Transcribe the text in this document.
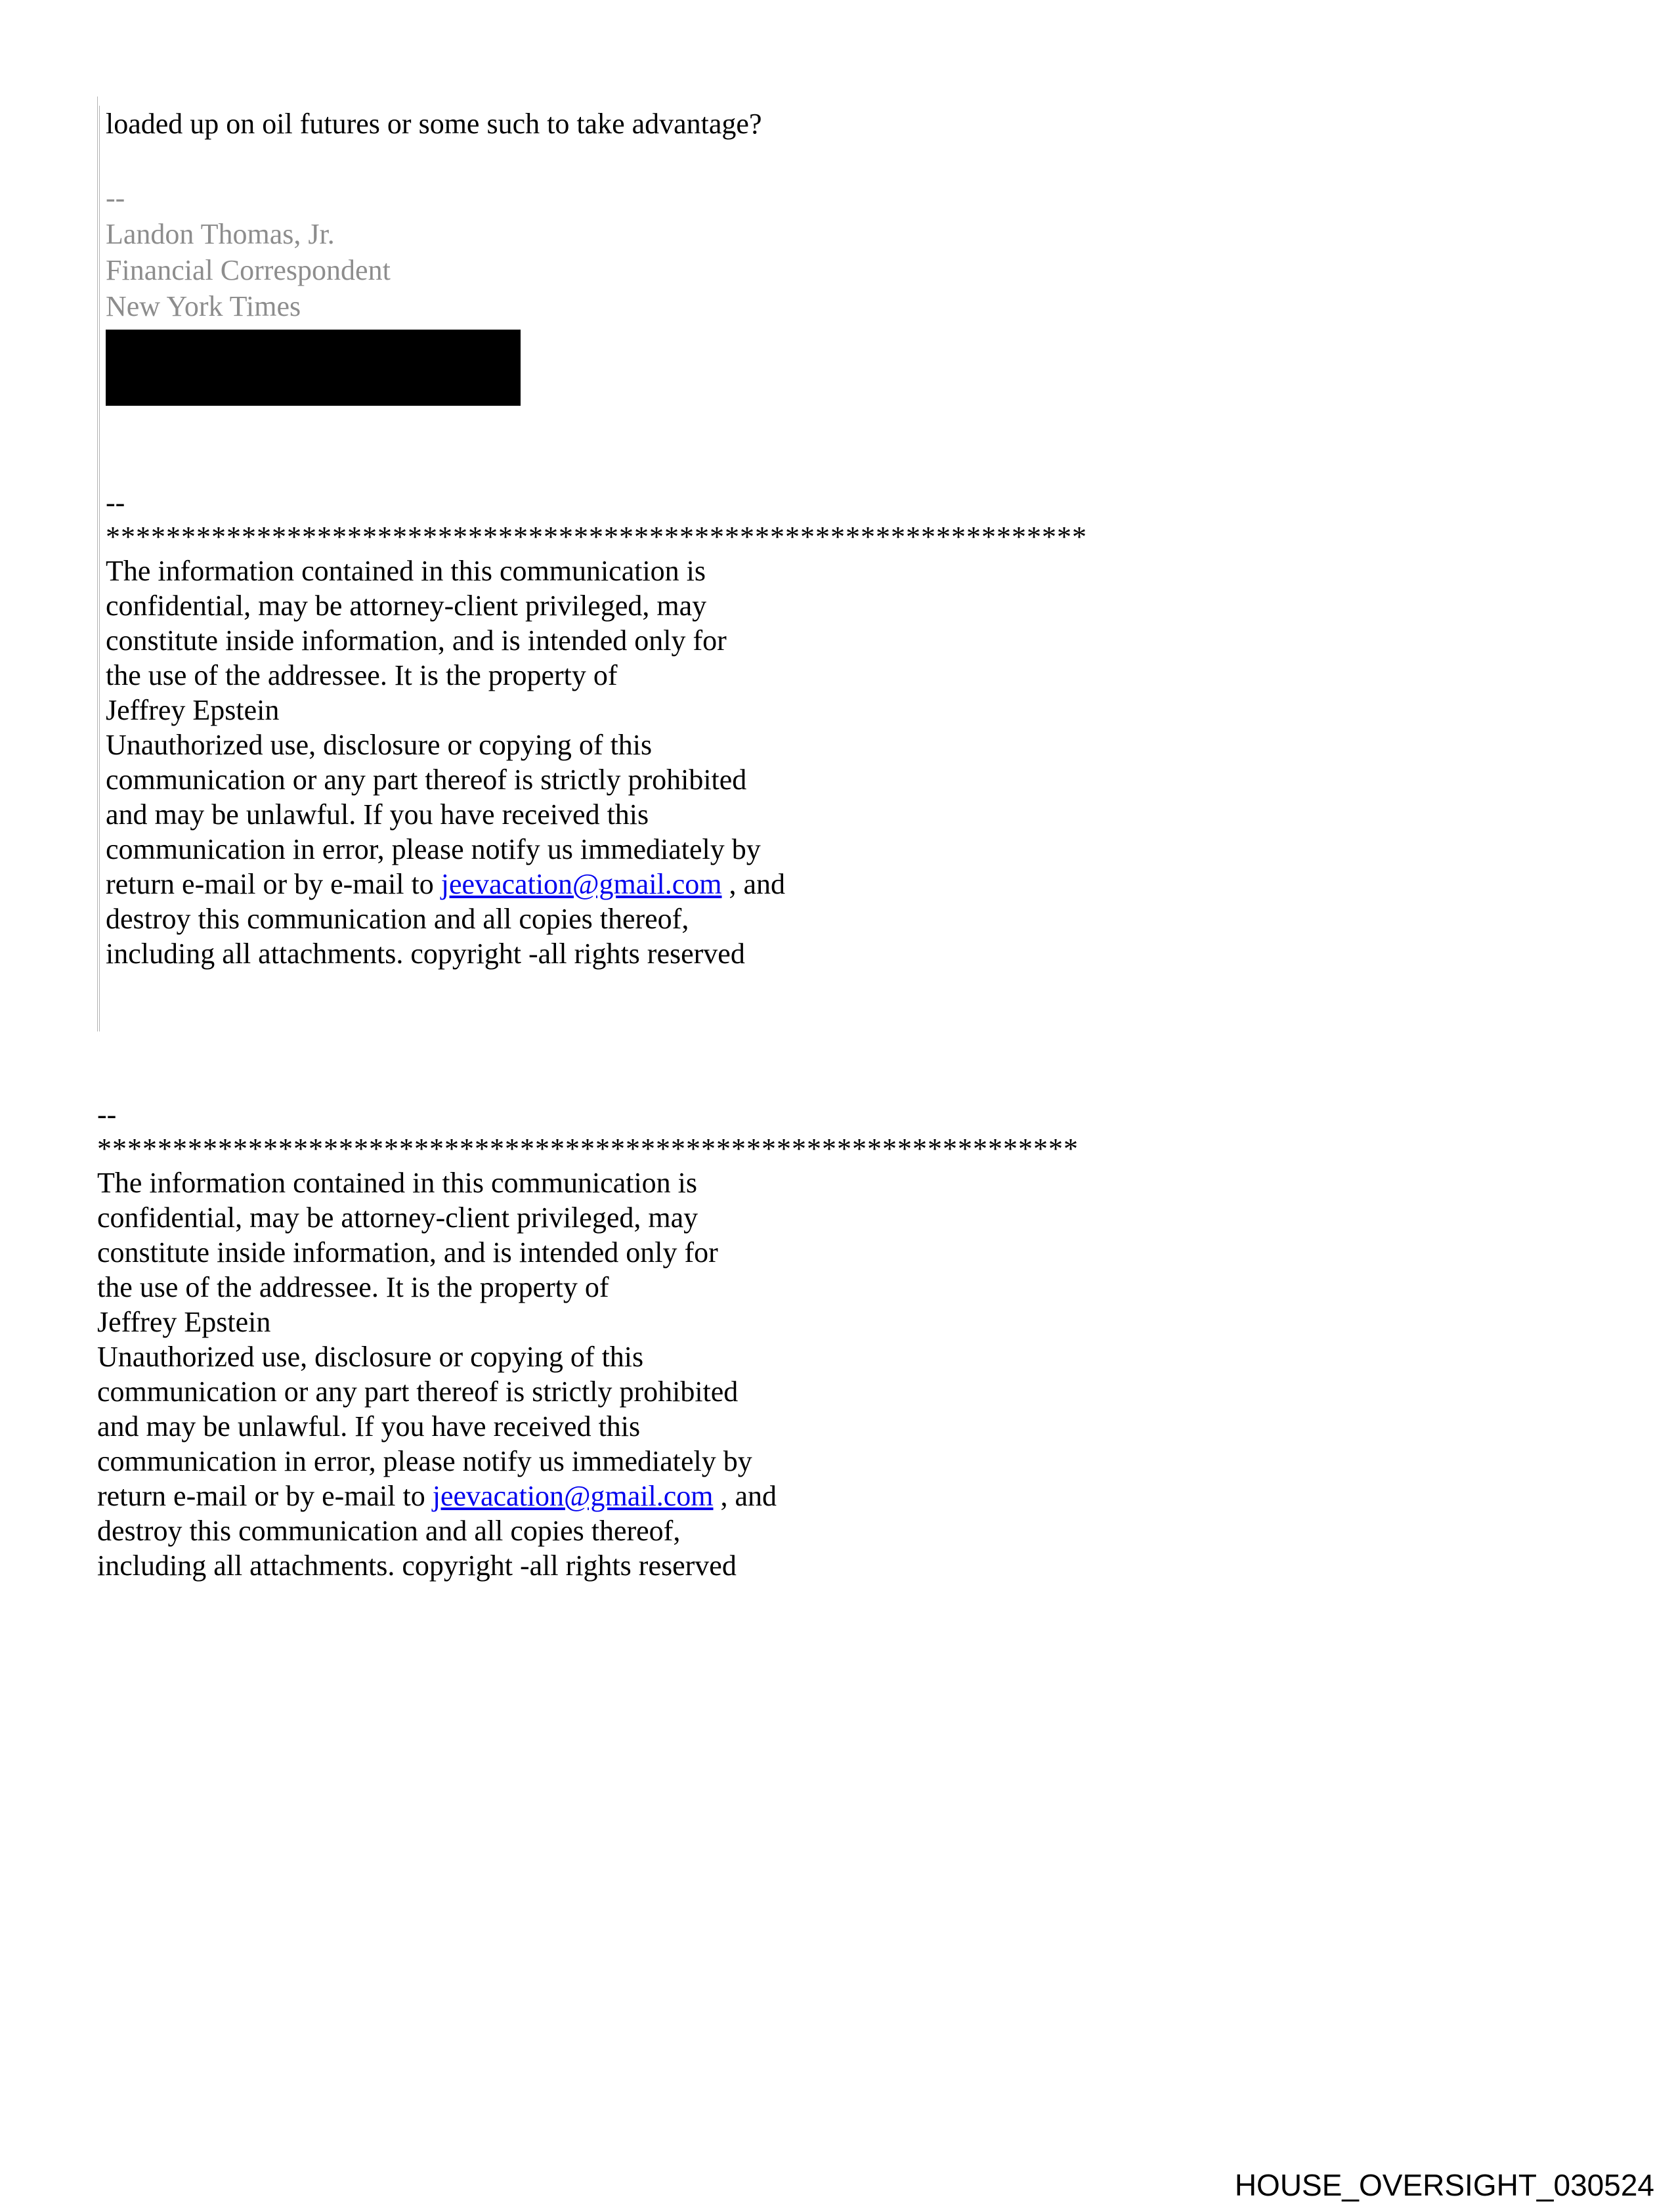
loaded up on oil futures or some such to take advantage?
--
Landon Thomas, Jr.
Financial Correspondent
New York Times
--
*****************************************************************
The information contained in this communication is
confidential, may be attorney-client privileged, may
constitute inside information, and is intended only for
the use of the addressee. It is the property of
Jeffrey Epstein
Unauthorized use, disclosure or copying of this
communication or any part thereof is strictly prohibited
and may be unlawful. If you have received this
communication in error, please notify us immediately by
return e-mail or by e-mail to jeevacation@gmail.com , and
destroy this communication and all copies thereof,
including all attachments. copyright -all rights reserved
--
*****************************************************************
The information contained in this communication is
confidential, may be attorney-client privileged, may
constitute inside information, and is intended only for
the use of the addressee. It is the property of
Jeffrey Epstein
Unauthorized use, disclosure or copying of this
communication or any part thereof is strictly prohibited
and may be unlawful. If you have received this
communication in error, please notify us immediately by
return e-mail or by e-mail to jeevacation@gmail.com , and
destroy this communication and all copies thereof,
including all attachments. copyright -all rights reserved
HOUSE_OVERSIGHT_030524
